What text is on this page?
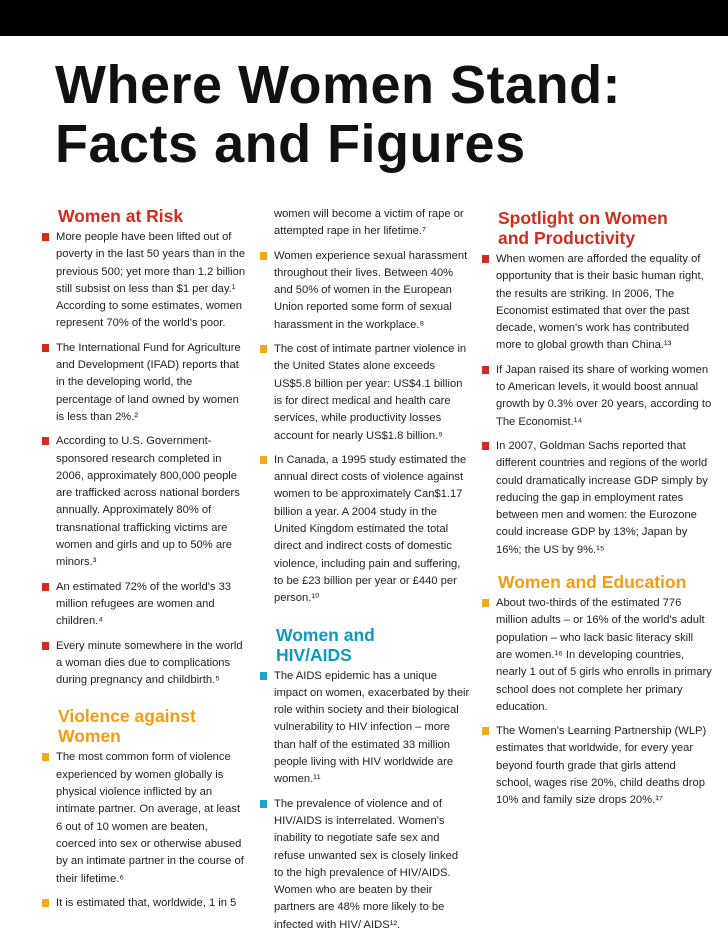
Where Women Stand:
Facts and Figures
Women at Risk
More people have been lifted out of poverty in the last 50 years than in the previous 500; yet more than 1.2 billion still subsist on less than $1 per day.¹ According to some estimates, women represent 70% of the world's poor.
The International Fund for Agriculture and Development (IFAD) reports that in the developing world, the percentage of land owned by women is less than 2%.²
According to U.S. Government-sponsored research completed in 2006, approximately 800,000 people are trafficked across national borders annually. Approximately 80% of transnational trafficking victims are women and girls and up to 50% are minors.³
An estimated 72% of the world's 33 million refugees are women and children.⁴
Every minute somewhere in the world a woman dies due to complications during pregnancy and childbirth.⁵
Violence against
Women
The most common form of violence experienced by women globally is physical violence inflicted by an intimate partner. On average, at least 6 out of 10 women are beaten, coerced into sex or otherwise abused by an intimate partner in the course of their lifetime.⁶
It is estimated that, worldwide, 1 in 5
women will become a victim of rape or attempted rape in her lifetime.⁷
Women experience sexual harassment throughout their lives. Between 40% and 50% of women in the European Union reported some form of sexual harassment in the workplace.⁸
The cost of intimate partner violence in the United States alone exceeds US$5.8 billion per year: US$4.1 billion is for direct medical and health care services, while productivity losses account for nearly US$1.8 billion.⁹
In Canada, a 1995 study estimated the annual direct costs of violence against women to be approximately Can$1.17 billion a year. A 2004 study in the United Kingdom estimated the total direct and indirect costs of domestic violence, including pain and suffering, to be £23 billion per year or £440 per person.¹⁰
Women and
HIV/AIDS
The AIDS epidemic has a unique impact on women, exacerbated by their role within society and their biological vulnerability to HIV infection – more than half of the estimated 33 million people living with HIV worldwide are women.¹¹
The prevalence of violence and of HIV/AIDS is interrelated. Women's inability to negotiate safe sex and refuse unwanted sex is closely linked to the high prevalence of HIV/AIDS. Women who are beaten by their partners are 48% more likely to be infected with HIV/ AIDS¹².
Spotlight on Women
and Productivity
When women are afforded the equality of opportunity that is their basic human right, the results are striking. In 2006, The Economist estimated that over the past decade, women's work has contributed more to global growth than China.¹³
If Japan raised its share of working women to American levels, it would boost annual growth by 0.3% over 20 years, according to The Economist.¹⁴
In 2007, Goldman Sachs reported that different countries and regions of the world could dramatically increase GDP simply by reducing the gap in employment rates between men and women: the Eurozone could increase GDP by 13%; Japan by 16%; the US by 9%.¹⁵
Women and Education
About two-thirds of the estimated 776 million adults – or 16% of the world's adult population – who lack basic literacy skill are women.¹⁶ In developing countries, nearly 1 out of 5 girls who enrolls in primary school does not complete her primary education.
The Women's Learning Partnership (WLP) estimates that worldwide, for every year beyond fourth grade that girls attend school, wages rise 20%, child deaths drop 10% and family size drops 20%.¹⁷
